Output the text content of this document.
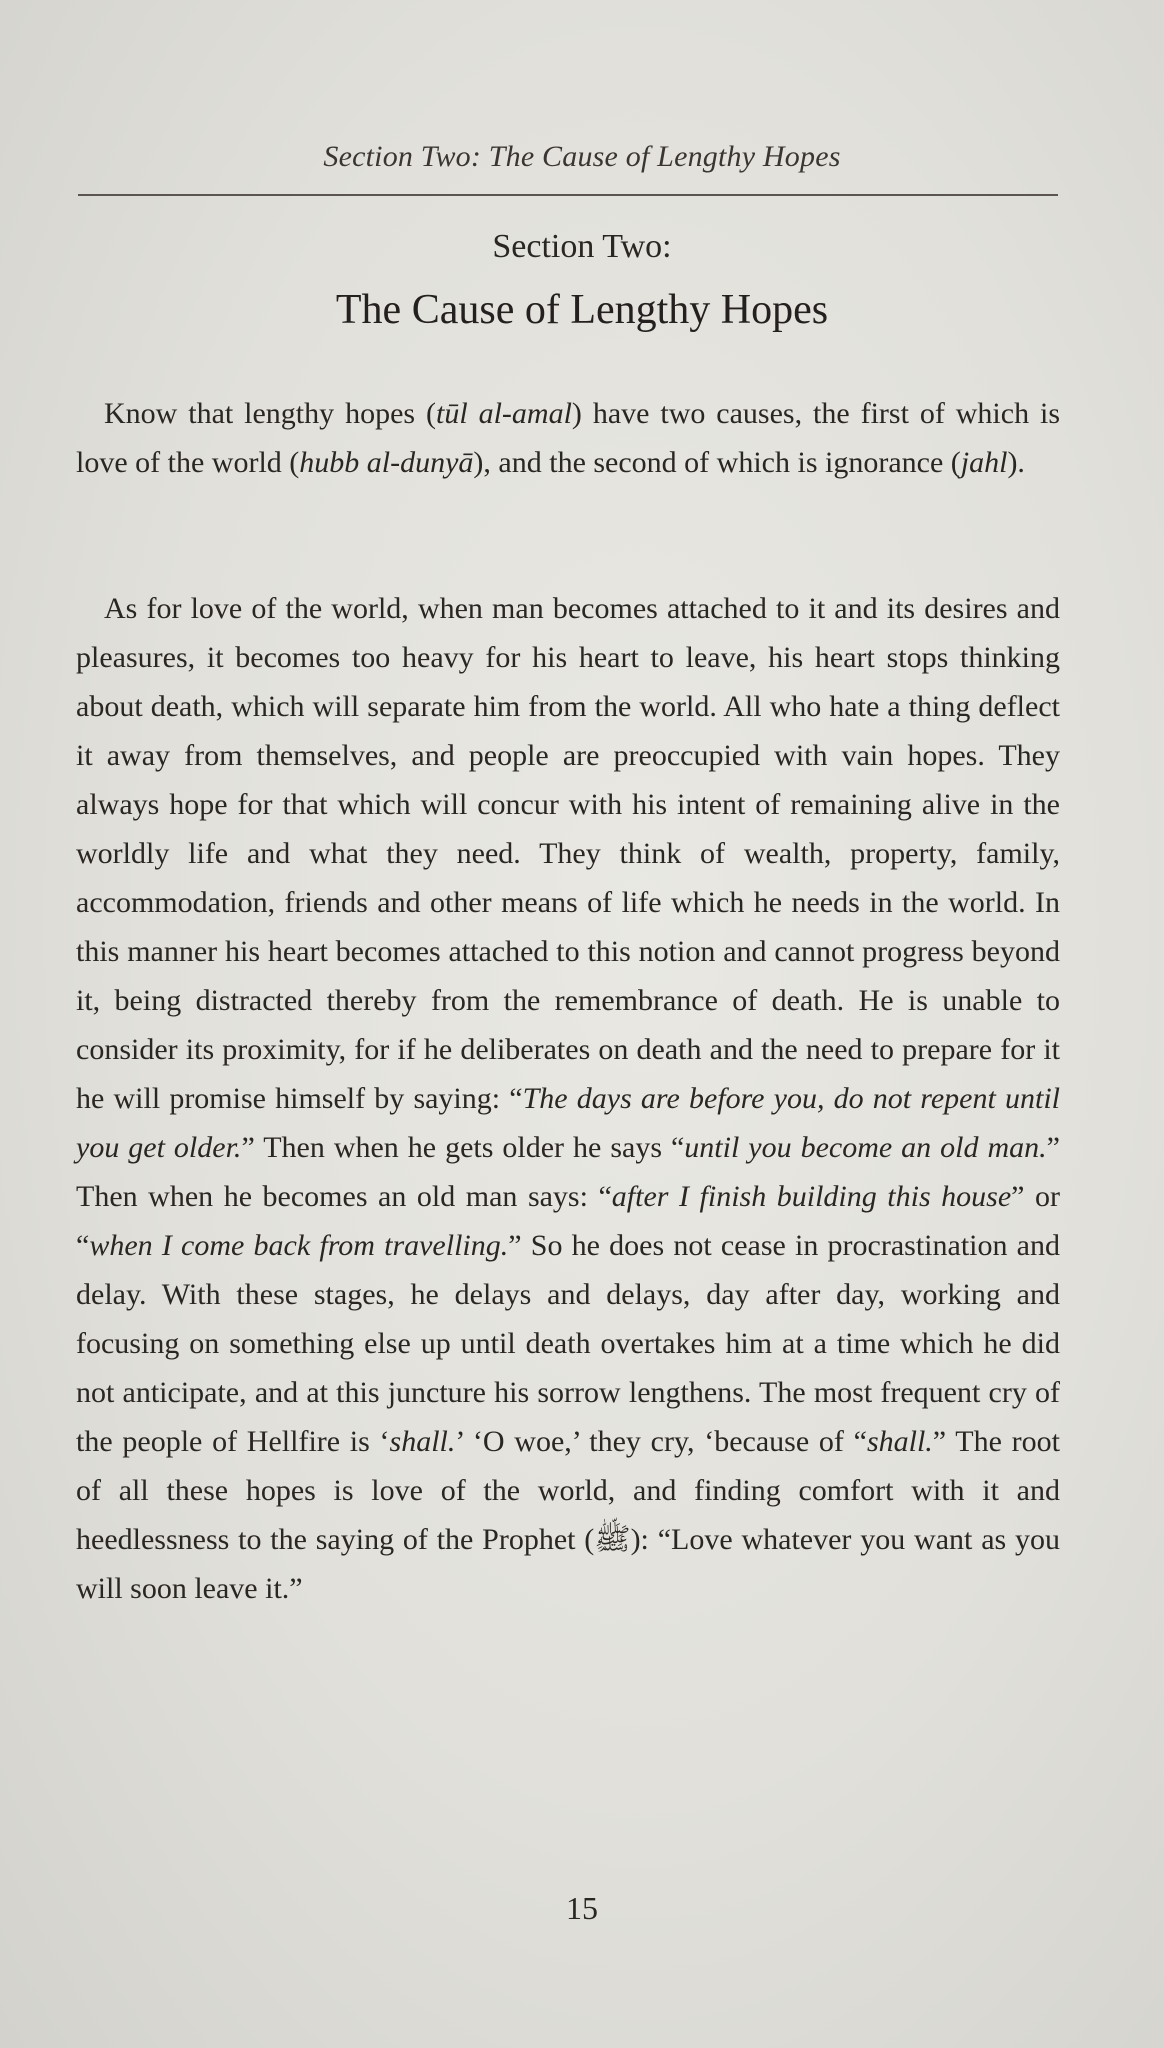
Section Two: The Cause of Lengthy Hopes
Section Two:
The Cause of Lengthy Hopes

Know that lengthy hopes (tūl al-amal) have two causes, the first of which is love of the world (hubb al-dunyā), and the second of which is ignorance (jahl).

As for love of the world, when man becomes attached to it and its desires and pleasures, it becomes too heavy for his heart to leave, his heart stops thinking about death, which will separate him from the world. All who hate a thing deflect it away from themselves, and people are preoccupied with vain hopes. They always hope for that which will concur with his intent of remaining alive in the worldly life and what they need. They think of wealth, property, family, accommodation, friends and other means of life which he needs in the world. In this manner his heart becomes attached to this notion and cannot progress beyond it, being distracted thereby from the remembrance of death. He is unable to consider its proximity, for if he deliberates on death and the need to prepare for it he will promise himself by saying: “The days are before you, do not repent until you get older.” Then when he gets older he says “until you become an old man.” Then when he becomes an old man says: “after I finish building this house” or “when I come back from travelling.” So he does not cease in procrastination and delay. With these stages, he delays and delays, day after day, working and focusing on something else up until death overtakes him at a time which he did not anticipate, and at this juncture his sorrow lengthens. The most frequent cry of the people of Hellfire is ‘shall.’ ‘O woe,’ they cry, ‘because of “shall.” The root of all these hopes is love of the world, and finding comfort with it and heedlessness to the saying of the Prophet (ﷺ): “Love whatever you want as you will soon leave it.”

15
